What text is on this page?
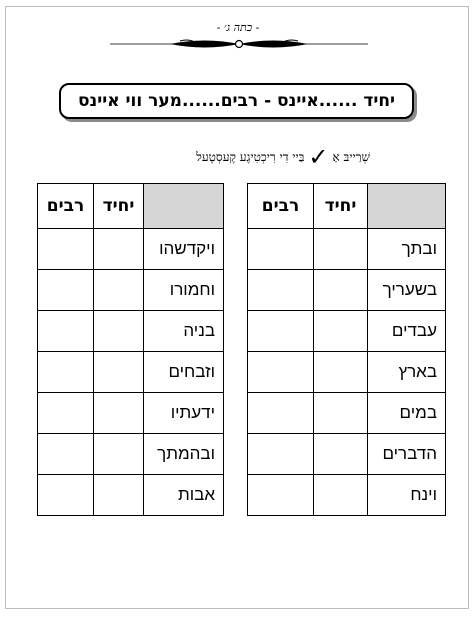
- כתה ג׳ -
יחיד ......איינס - רבים......מער ווי איינס
שְׁרַייבּ אַ
✓
בַּיי דִי רִיכְטִיגֶע קֶעסְטֶעל
	יחיד	רבים
ובתך		
בשעריך		
עבדים		
בארץ		
במים		
הדברים		
וינח		
	יחיד	רבים
ויקדשהו		
וחמורו		
בניה		
וזבחים		
ידעתיו		
ובהמתך		
אבות		
